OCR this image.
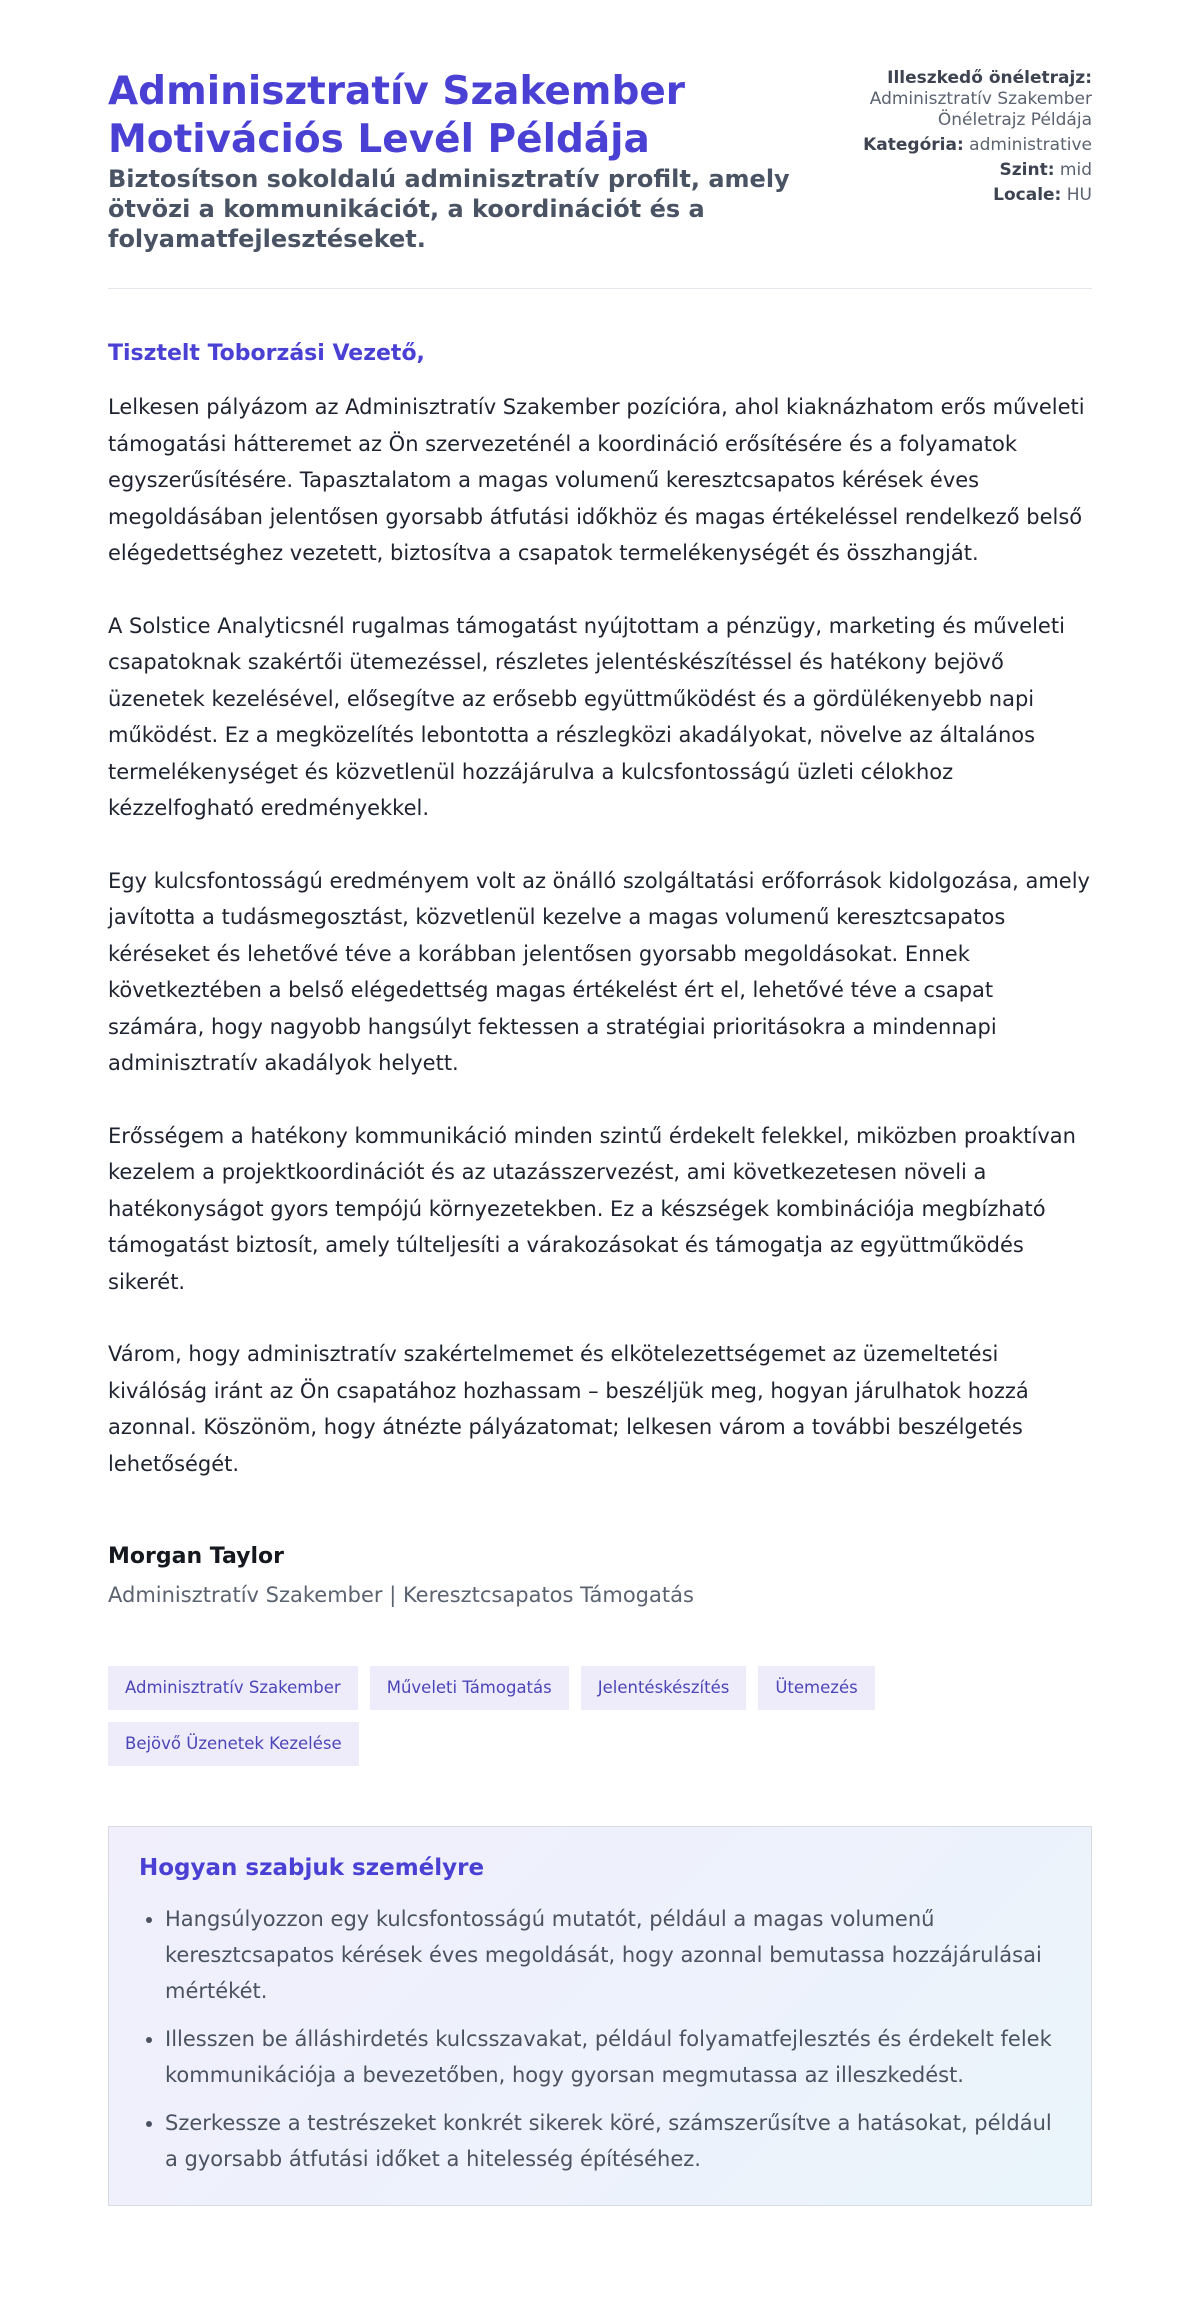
Adminisztratív Szakember
Motivációs Levél Példája

Biztosítson sokoldalú adminisztratív profilt, amely ötvözi a kommunikációt, a koordinációt és a folyamatfejlesztéseket.

Illeszkedő önéletrajz:
Adminisztratív Szakember Önéletrajz Példája
Kategória: administrative
Szint: mid
Locale: HU

Tisztelt Toborzási Vezető,

Lelkesen pályázom az Adminisztratív Szakember pozícióra, ahol kiaknázhatom erős műveleti támogatási hátteremet az Ön szervezeténél a koordináció erősítésére és a folyamatok egyszerűsítésére. Tapasztalatom a magas volumenű keresztcsapatos kérések éves megoldásában jelentősen gyorsabb átfutási időkhöz és magas értékeléssel rendelkező belső elégedettséghez vezetett, biztosítva a csapatok termelékenységét és összhangját.

A Solstice Analyticsnél rugalmas támogatást nyújtottam a pénzügy, marketing és műveleti csapatoknak szakértői ütemezéssel, részletes jelentéskészítéssel és hatékony bejövő üzenetek kezelésével, elősegítve az erősebb együttműködést és a gördülékenyebb napi működést. Ez a megközelítés lebontotta a részlegközi akadályokat, növelve az általános termelékenységet és közvetlenül hozzájárulva a kulcsfontosságú üzleti célokhoz kézzelfogható eredményekkel.

Egy kulcsfontosságú eredményem volt az önálló szolgáltatási erőforrások kidolgozása, amely javította a tudásmegosztást, közvetlenül kezelve a magas volumenű keresztcsapatos kéréseket és lehetővé téve a korábban jelentősen gyorsabb megoldásokat. Ennek következtében a belső elégedettség magas értékelést ért el, lehetővé téve a csapat számára, hogy nagyobb hangsúlyt fektessen a stratégiai prioritásokra a mindennapi adminisztratív akadályok helyett.

Erősségem a hatékony kommunikáció minden szintű érdekelt felekkel, miközben proaktívan kezelem a projektkoordinációt és az utazásszervezést, ami következetesen növeli a hatékonyságot gyors tempójú környezetekben. Ez a készségek kombinációja megbízható támogatást biztosít, amely túlteljesíti a várakozásokat és támogatja az együttműködés sikerét.

Várom, hogy adminisztratív szakértelmemet és elkötelezettségemet az üzemeltetési kiválóság iránt az Ön csapatához hozhassam – beszéljük meg, hogyan járulhatok hozzá azonnal. Köszönöm, hogy átnézte pályázatomat; lelkesen várom a további beszélgetés lehetőségét.

Morgan Taylor

Adminisztratív Szakember | Keresztcsapatos Támogatás

Adminisztratív Szakember	Műveleti Támogatás	Jelentéskészítés	Ütemezés
Bejövő Üzenetek Kezelése

Hogyan szabjuk személyre

• Hangsúlyozzon egy kulcsfontosságú mutatót, például a magas volumenű keresztcsapatos kérések éves megoldását, hogy azonnal bemutassa hozzájárulásai mértékét.
• Illesszen be álláshirdetés kulcsszavakat, például folyamatfejlesztés és érdekelt felek kommunikációja a bevezetőben, hogy gyorsan megmutassa az illeszkedést.
• Szerkessze a testrészeket konkrét sikerek köré, számszerűsítve a hatásokat, például a gyorsabb átfutási időket a hitelesség építéséhez.
